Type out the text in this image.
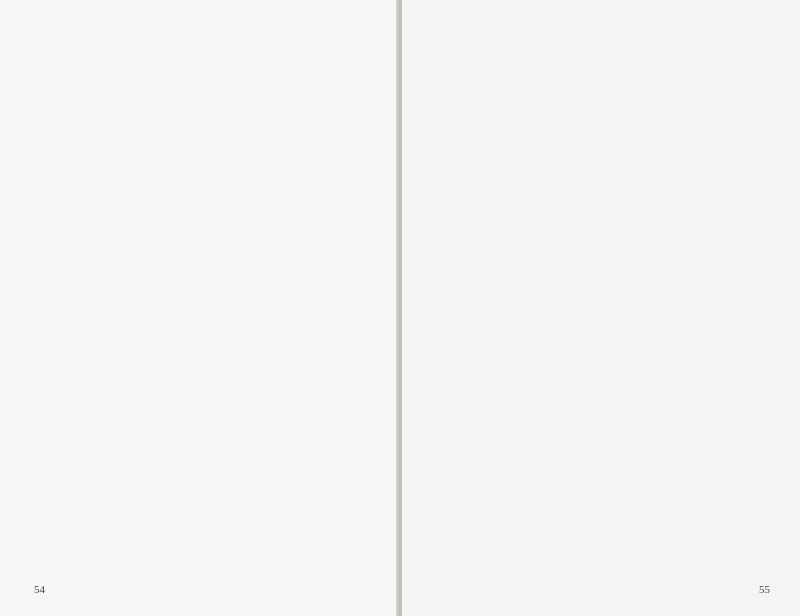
54	55
